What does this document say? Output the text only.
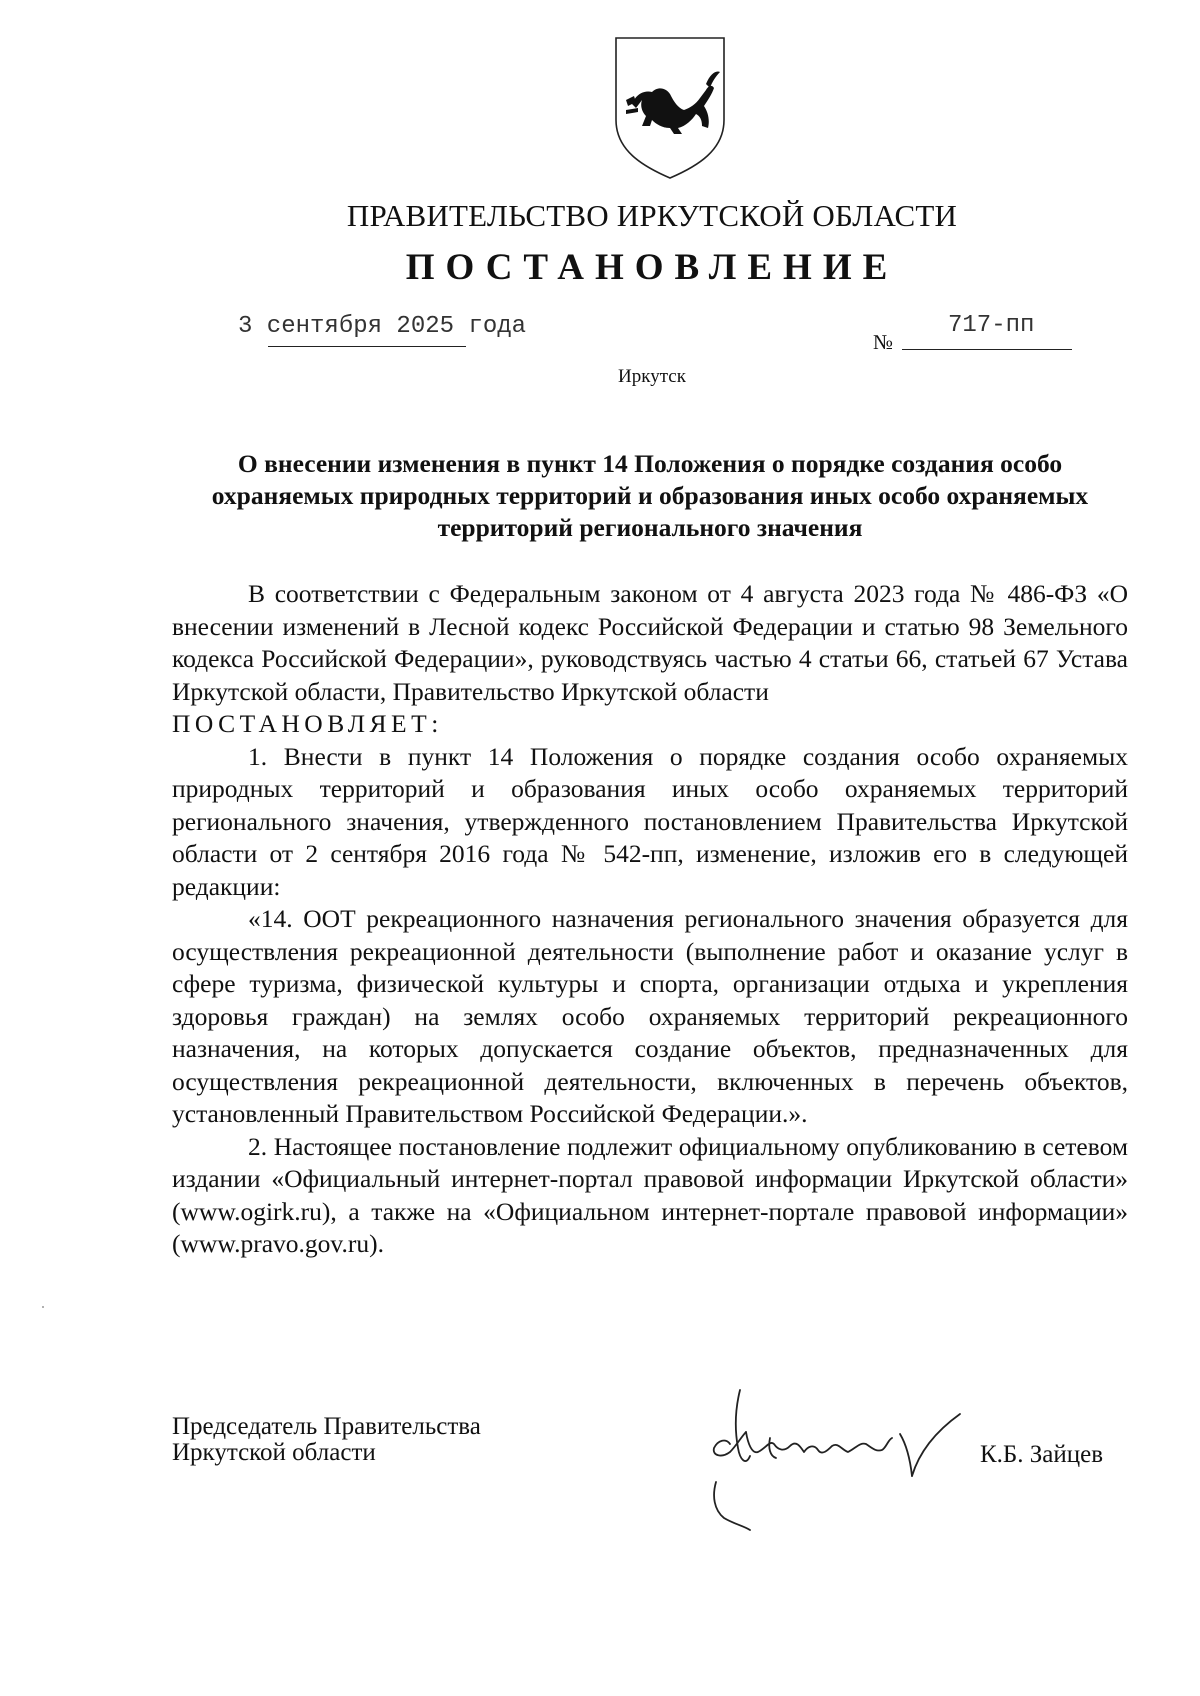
ПРАВИТЕЛЬСТВО ИРКУТСКОЙ ОБЛАСТИ
ПОСТАНОВЛЕНИЕ
3 сентября 2025 года
№
717-пп
Иркутск
О внесении изменения в пункт 14 Положения о порядке создания особо охраняемых природных территорий и образования иных особо охраняемых территорий регионального значения

В соответствии с Федеральным законом от 4 августа 2023 года № 486-ФЗ «О внесении изменений в Лесной кодекс Российской Федерации и статью 98 Земельного кодекса Российской Федерации», руководствуясь частью 4 статьи 66, статьей 67 Устава Иркутской области, Правительство Иркутской области

ПОСТАНОВЛЯЕТ:

1. Внести в пункт 14 Положения о порядке создания особо охраняемых природных территорий и образования иных особо охраняемых территорий регионального значения, утвержденного постановлением Правительства Иркутской области от 2 сентября 2016 года № 542-пп, изменение, изложив его в следующей редакции:

«14. ООТ рекреационного назначения регионального значения образуется для осуществления рекреационной деятельности (выполнение работ и оказание услуг в сфере туризма, физической культуры и спорта, организации отдыха и укрепления здоровья граждан) на землях особо охраняемых территорий рекреационного назначения, на которых допускается создание объектов, предназначенных для осуществления рекреационной деятельности, включенных в перечень объектов, установленный Правительством Российской Федерации.».

2. Настоящее постановление подлежит официальному опубликованию в сетевом издании «Официальный интернет-портал правовой информации Иркутской области» (www.ogirk.ru), а также на «Официальном интернет-портале правовой информации» (www.pravo.gov.ru).

Председатель Правительства
Иркутской области	К.Б. Зайцев
